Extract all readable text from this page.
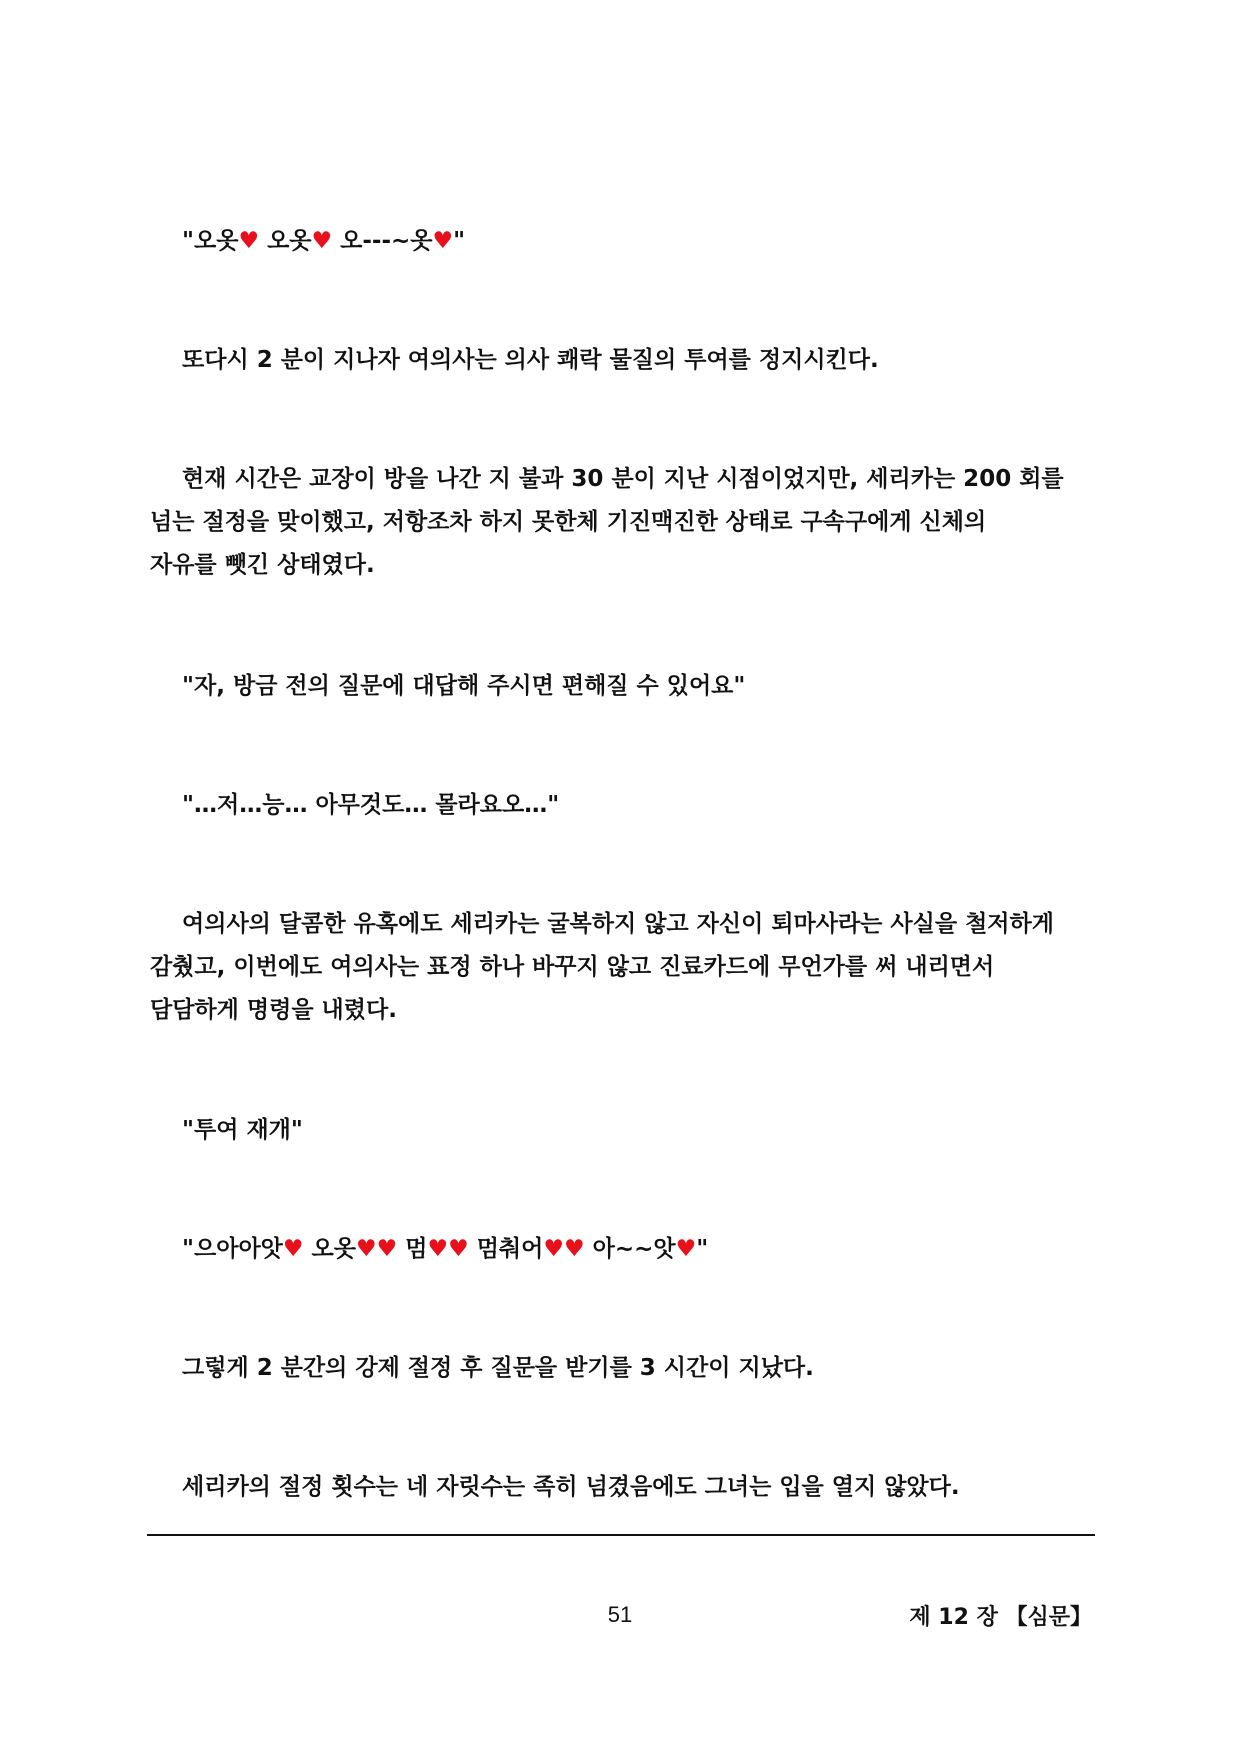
"오옷♥ 오옷♥ 오---~옷♥"

또다시 2 분이 지나자 여의사는 의사 쾌락 물질의 투여를 정지시킨다.

현재 시간은 교장이 방을 나간 지 불과 30 분이 지난 시점이었지만, 세리카는 200 회를
넘는 절정을 맞이했고, 저항조차 하지 못한체 기진맥진한 상태로 구속구에게 신체의
자유를 뺏긴 상태였다.

"자, 방금 전의 질문에 대답해 주시면 편해질 수 있어요"

"…저…능… 아무것도… 몰라요오…"

여의사의 달콤한 유혹에도 세리카는 굴복하지 않고 자신이 퇴마사라는 사실을 철저하게
감췄고, 이번에도 여의사는 표정 하나 바꾸지 않고 진료카드에 무언가를 써 내리면서
담담하게 명령을 내렸다.

"투여 재개"

"으아아앗♥ 오옷♥♥ 멈♥♥ 멈춰어♥♥ 아~~앗♥"

그렇게 2 분간의 강제 절정 후 질문을 받기를 3 시간이 지났다.

세리카의 절정 횟수는 네 자릿수는 족히 넘겼음에도 그녀는 입을 열지 않았다.

51	제 12 장 【심문】
